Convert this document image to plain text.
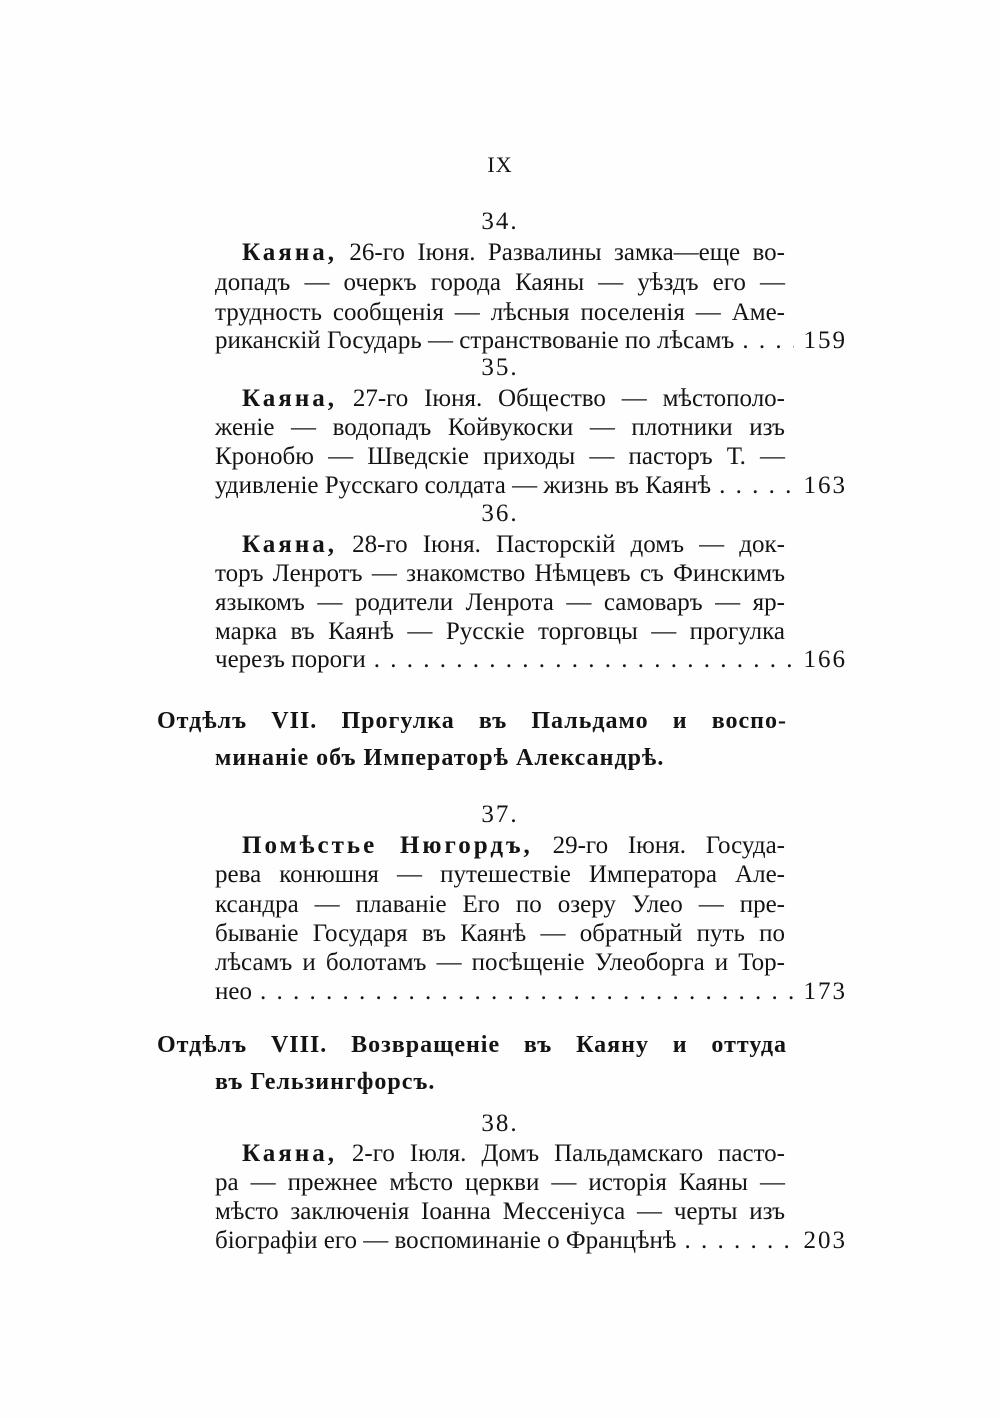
IX
34.
Каяна, 26-го Іюня. Развалины замка—еще во-
допадъ — очеркъ города Каяны — уѣздъ его —
трудность сообщенія — лѣсныя поселенія — Аме-
риканскій Государь — странствованіе по лѣсамъ . . .	159
35.
Каяна, 27-го Іюня. Общество — мѣстополо-
женіе — водопадъ Койвукоски — плотники изъ
Кронобю — Шведскіе приходы — пасторъ Т. —
удивленіе Русскаго солдата — жизнь въ Каянѣ . . .	163
36.
Каяна, 28-го Іюня. Пасторскій домъ — док-
торъ Ленротъ — знакомство Нѣмцевъ съ Финскимъ
языкомъ — родители Ленрота — самоваръ — яр-
марка въ Каянѣ — Русскіе торговцы — прогулка
черезъ пороги . . .	166
Отдѣлъ VII. Прогулка въ Пальдамо и воспо-
минаніе объ Императорѣ Александрѣ.
37.
Помѣстье Нюгордъ, 29-го Іюня. Госуда-
рева конюшня — путешествіе Императора Але-
ксандра — плаваніе Его по озеру Улео — пре-
бываніе Государя въ Каянѣ — обратный путь по
лѣсамъ и болотамъ — посѣщеніе Улеоборга и Тор-
нео . . .	173
Отдѣлъ VIII. Возвращеніе въ Каяну и оттуда
въ Гельзингфорсъ.
38.
Каяна, 2-го Іюля. Домъ Пальдамскаго пасто-
ра — прежнее мѣсто церкви — исторія Каяны —
мѣсто заключенія Іоанна Мессеніуса — черты изъ
біографіи его — воспоминаніе о Францѣнѣ . . .	203
